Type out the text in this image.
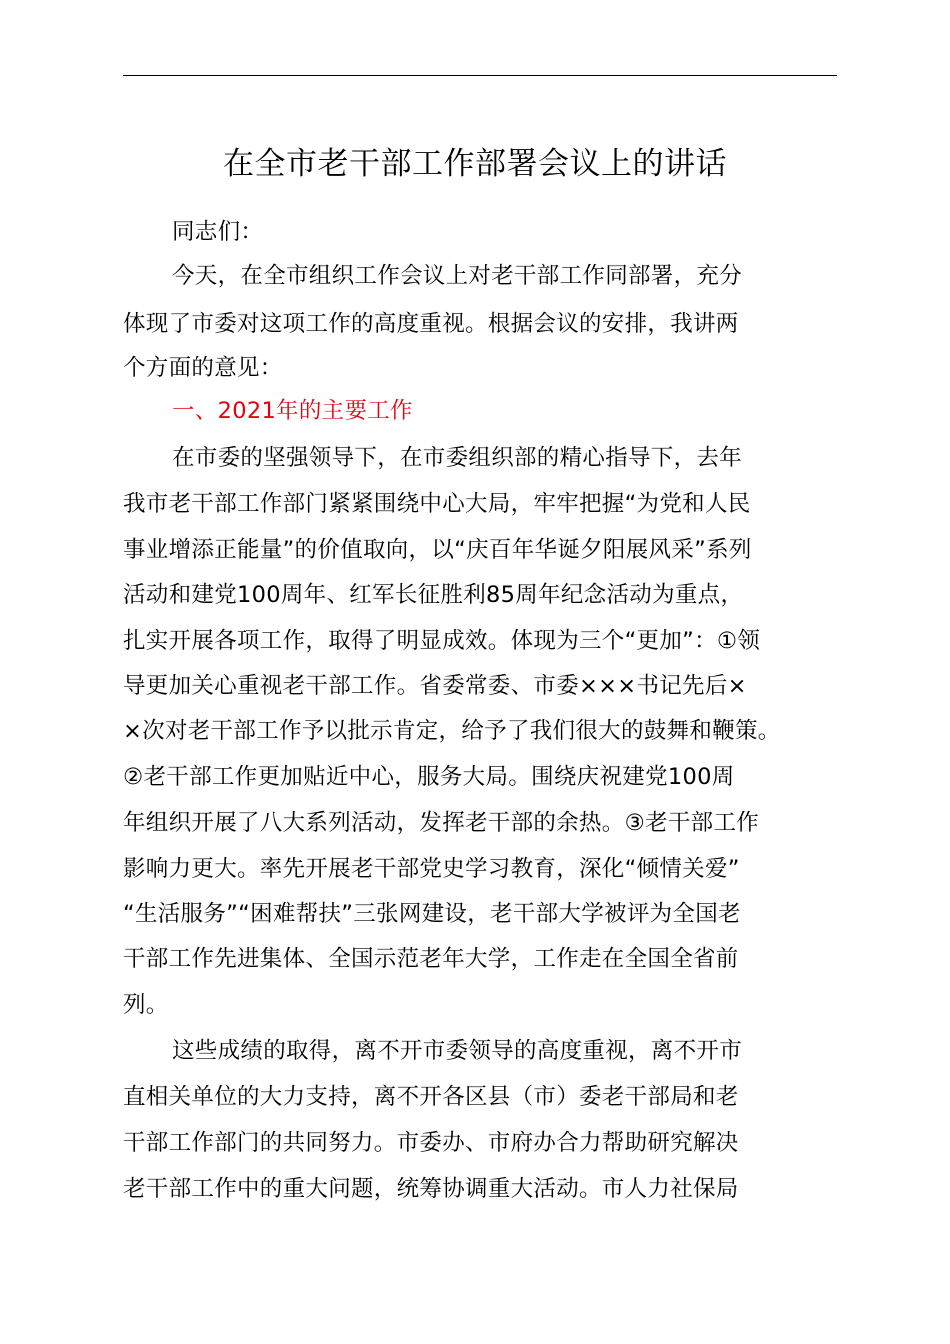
在全市老干部工作部署会议上的讲话
同志们：
今天，在全市组织工作会议上对老干部工作同部署，充分
体现了市委对这项工作的高度重视。根据会议的安排，我讲两
个方面的意见：
一、2021年的主要工作
在市委的坚强领导下，在市委组织部的精心指导下，去年
我市老干部工作部门紧紧围绕中心大局，牢牢把握“为党和人民
事业增添正能量”的价值取向，以“庆百年华诞夕阳展风采”系列
活动和建党100周年、红军长征胜利85周年纪念活动为重点，
扎实开展各项工作，取得了明显成效。体现为三个“更加”：①领
导更加关心重视老干部工作。省委常委、市委×××书记先后×
×次对老干部工作予以批示肯定，给予了我们很大的鼓舞和鞭策。
②老干部工作更加贴近中心，服务大局。围绕庆祝建党100周
年组织开展了八大系列活动，发挥老干部的余热。③老干部工作
影响力更大。率先开展老干部党史学习教育，深化“倾情关爱”
“生活服务”“困难帮扶”三张网建设，老干部大学被评为全国老
干部工作先进集体、全国示范老年大学，工作走在全国全省前
列。
这些成绩的取得，离不开市委领导的高度重视，离不开市
直相关单位的大力支持，离不开各区县（市）委老干部局和老
干部工作部门的共同努力。市委办、市府办合力帮助研究解决
老干部工作中的重大问题，统筹协调重大活动。市人力社保局
